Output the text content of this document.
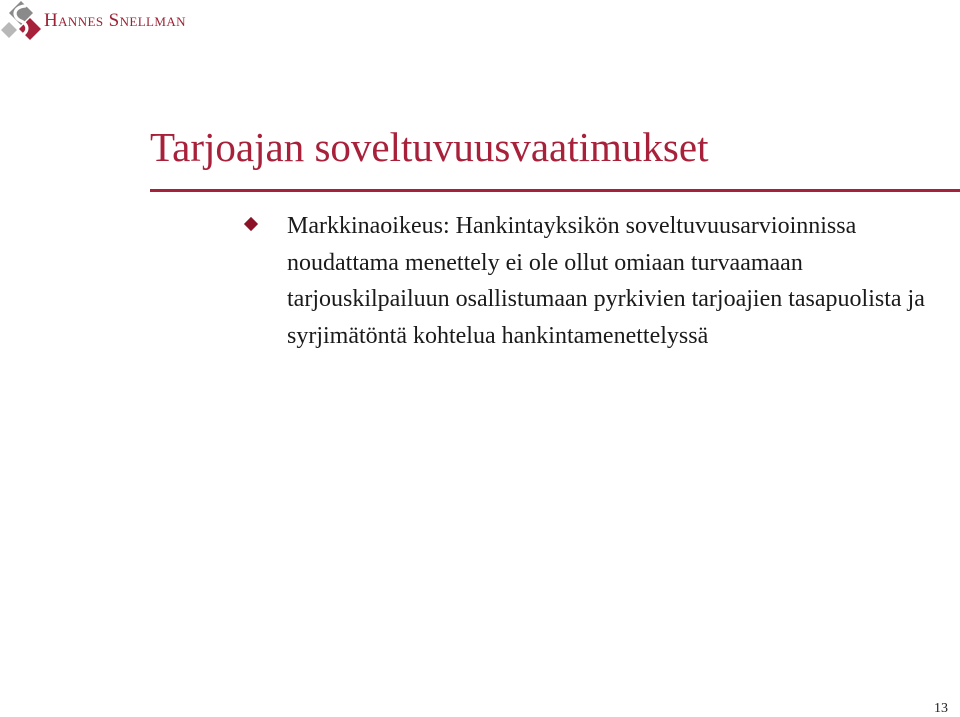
Hannes Snellman
Tarjoajan soveltuvuusvaatimukset
Markkinaoikeus: Hankintayksikön soveltuvuusarvioinnissa noudattama menettely ei ole ollut omiaan turvaamaan tarjouskilpailuun osallistumaan pyrkivien tarjoajien tasapuolista ja syrjimätöntä kohtelua hankintamenettelyssä
13
